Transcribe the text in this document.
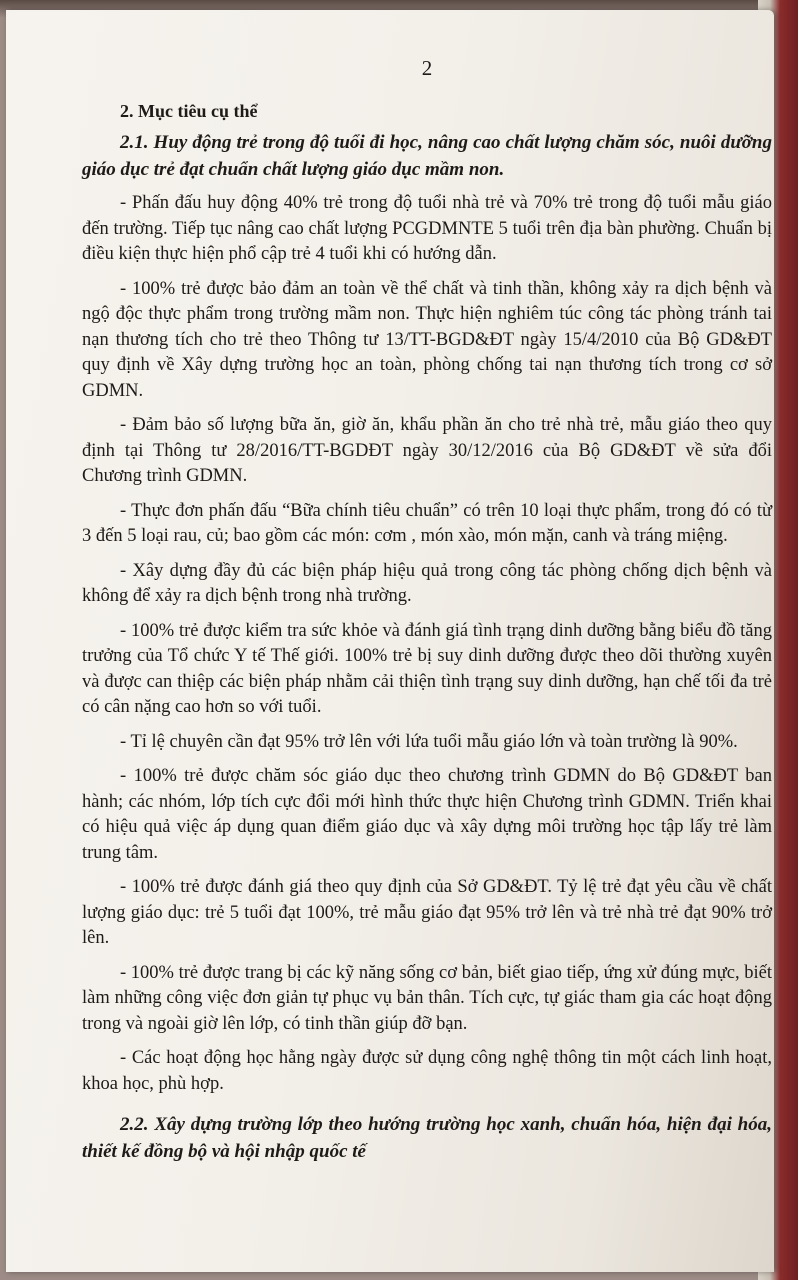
2
2. Mục tiêu cụ thể
2.1. Huy động trẻ trong độ tuổi đi học, nâng cao chất lượng chăm sóc, nuôi dưỡng giáo dục trẻ đạt chuẩn chất lượng giáo dục mầm non.
- Phấn đấu huy động 40% trẻ trong độ tuổi nhà trẻ và 70% trẻ trong độ tuổi mẫu giáo đến trường. Tiếp tục nâng cao chất lượng PCGDMNTE 5 tuổi trên địa bàn phường. Chuẩn bị điều kiện thực hiện phổ cập trẻ 4 tuổi khi có hướng dẫn.
- 100% trẻ được bảo đảm an toàn về thể chất và tinh thần, không xảy ra dịch bệnh và ngộ độc thực phẩm trong trường mầm non. Thực hiện nghiêm túc công tác phòng tránh tai nạn thương tích cho trẻ theo Thông tư 13/TT-BGD&ĐT ngày 15/4/2010 của Bộ GD&ĐT quy định về Xây dựng trường học an toàn, phòng chống tai nạn thương tích trong cơ sở GDMN.
- Đảm bảo số lượng bữa ăn, giờ ăn, khẩu phần ăn cho trẻ nhà trẻ, mẫu giáo theo quy định tại Thông tư 28/2016/TT-BGDĐT ngày 30/12/2016 của Bộ GD&ĐT về sửa đổi Chương trình GDMN.
- Thực đơn phấn đấu “Bữa chính tiêu chuẩn” có trên 10 loại thực phẩm, trong đó có từ 3 đến 5 loại rau, củ; bao gồm các món: cơm , món xào, món mặn, canh và tráng miệng.
- Xây dựng đầy đủ các biện pháp hiệu quả trong công tác phòng chống dịch bệnh và không để xảy ra dịch bệnh trong nhà trường.
- 100% trẻ được kiểm tra sức khỏe và đánh giá tình trạng dinh dưỡng bằng biểu đồ tăng trưởng của Tổ chức Y tế Thế giới. 100% trẻ bị suy dinh dưỡng được theo dõi thường xuyên và được can thiệp các biện pháp nhằm cải thiện tình trạng suy dinh dưỡng, hạn chế tối đa trẻ có cân nặng cao hơn so với tuổi.
- Tỉ lệ chuyên cần đạt 95% trở lên với lứa tuổi mẫu giáo lớn và toàn trường là 90%.
- 100% trẻ được chăm sóc giáo dục theo chương trình GDMN do Bộ GD&ĐT ban hành; các nhóm, lớp tích cực đổi mới hình thức thực hiện Chương trình GDMN. Triển khai có hiệu quả việc áp dụng quan điểm giáo dục và xây dựng môi trường học tập lấy trẻ làm trung tâm.
- 100% trẻ được đánh giá theo quy định của Sở GD&ĐT. Tỷ lệ trẻ đạt yêu cầu về chất lượng giáo dục: trẻ 5 tuổi đạt 100%, trẻ mẫu giáo đạt 95% trở lên và trẻ nhà trẻ đạt 90% trở lên.
- 100% trẻ được trang bị các kỹ năng sống cơ bản, biết giao tiếp, ứng xử đúng mực, biết làm những công việc đơn giản tự phục vụ bản thân. Tích cực, tự giác tham gia các hoạt động trong và ngoài giờ lên lớp, có tinh thần giúp đỡ bạn.
- Các hoạt động học hằng ngày được sử dụng công nghệ thông tin một cách linh hoạt, khoa học, phù hợp.
2.2. Xây dựng trường lớp theo hướng trường học xanh, chuẩn hóa, hiện đại hóa, thiết kế đồng bộ và hội nhập quốc tế
